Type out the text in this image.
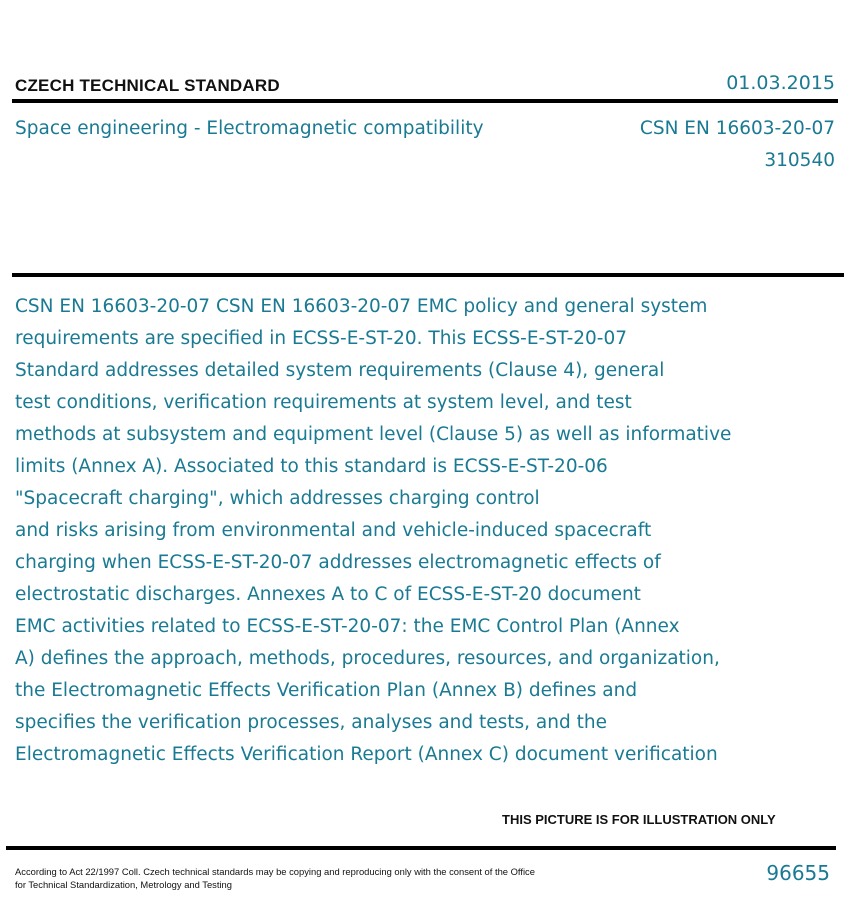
CZECH TECHNICAL STANDARD	01.03.2015
Space engineering - Electromagnetic compatibility	CSN EN 16603-20-07
310540
CSN EN 16603-20-07 CSN EN 16603-20-07 EMC policy and general system
requirements are specified in ECSS-E-ST-20. This ECSS-E-ST-20-07
Standard addresses detailed system requirements (Clause 4), general
test conditions, verification requirements at system level, and test
methods at subsystem and equipment level (Clause 5) as well as informative
limits (Annex A). Associated to this standard is ECSS-E-ST-20-06
"Spacecraft charging", which addresses charging control
and risks arising from environmental and vehicle-induced spacecraft
charging when ECSS-E-ST-20-07 addresses electromagnetic effects of
electrostatic discharges. Annexes A to C of ECSS-E-ST-20 document
EMC activities related to ECSS-E-ST-20-07: the EMC Control Plan (Annex
A) defines the approach, methods, procedures, resources, and organization,
the Electromagnetic Effects Verification Plan (Annex B) defines and
specifies the verification processes, analyses and tests, and the
Electromagnetic Effects Verification Report (Annex C) document verification
THIS PICTURE IS FOR ILLUSTRATION ONLY
According to Act 22/1997 Coll. Czech technical standards may be copying and reproducing only with the consent of the Office
for Technical Standardization, Metrology and Testing	96655
